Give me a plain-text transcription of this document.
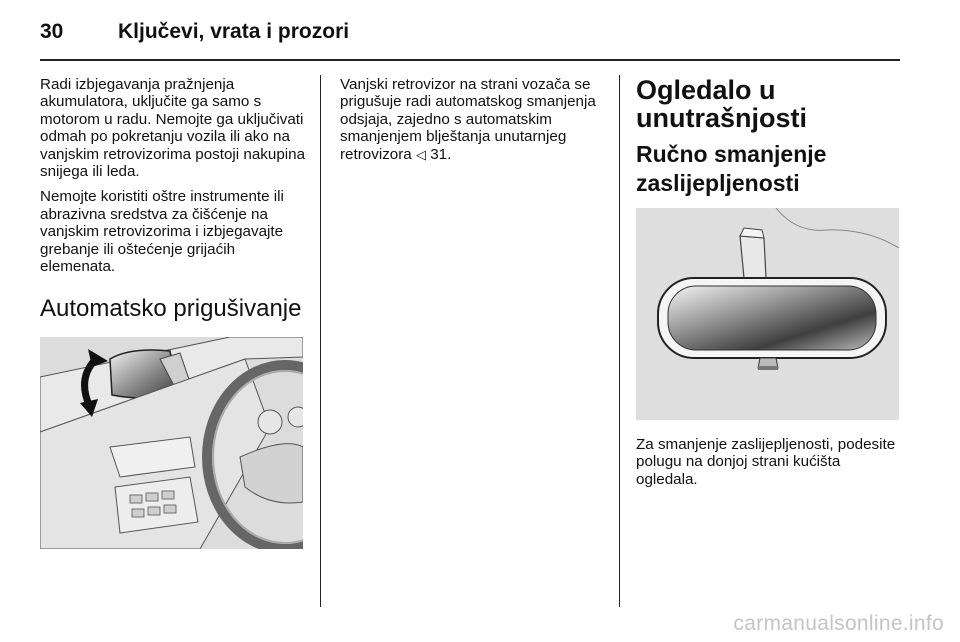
30	Ključevi, vrata i prozori

Radi izbjegavanja pražnjenja akumulatora, uključite ga samo s motorom u radu. Nemojte ga uključivati odmah po pokretanju vozila ili ako na vanjskim retrovizorima postoji nakupina snijega ili leda.

Nemojte koristiti oštre instrumente ili abrazivna sredstva za čišćenje na vanjskim retrovizorima i izbjegavajte grebanje ili oštećenje grijaćih elemenata.

Automatsko prigušivanje

Vanjski retrovizor na strani vozača se prigušuje radi automatskog smanjenja odsjaja, zajedno s automatskim smanjenjem blještanja unutarnjeg retrovizora ◁ 31.

Ogledalo u unutrašnjosti
Ručno smanjenje zaslijepljenosti

Za smanjenje zaslijepljenosti, podesite polugu na donjoj strani kućišta ogledala.

carmanualsonline.info
